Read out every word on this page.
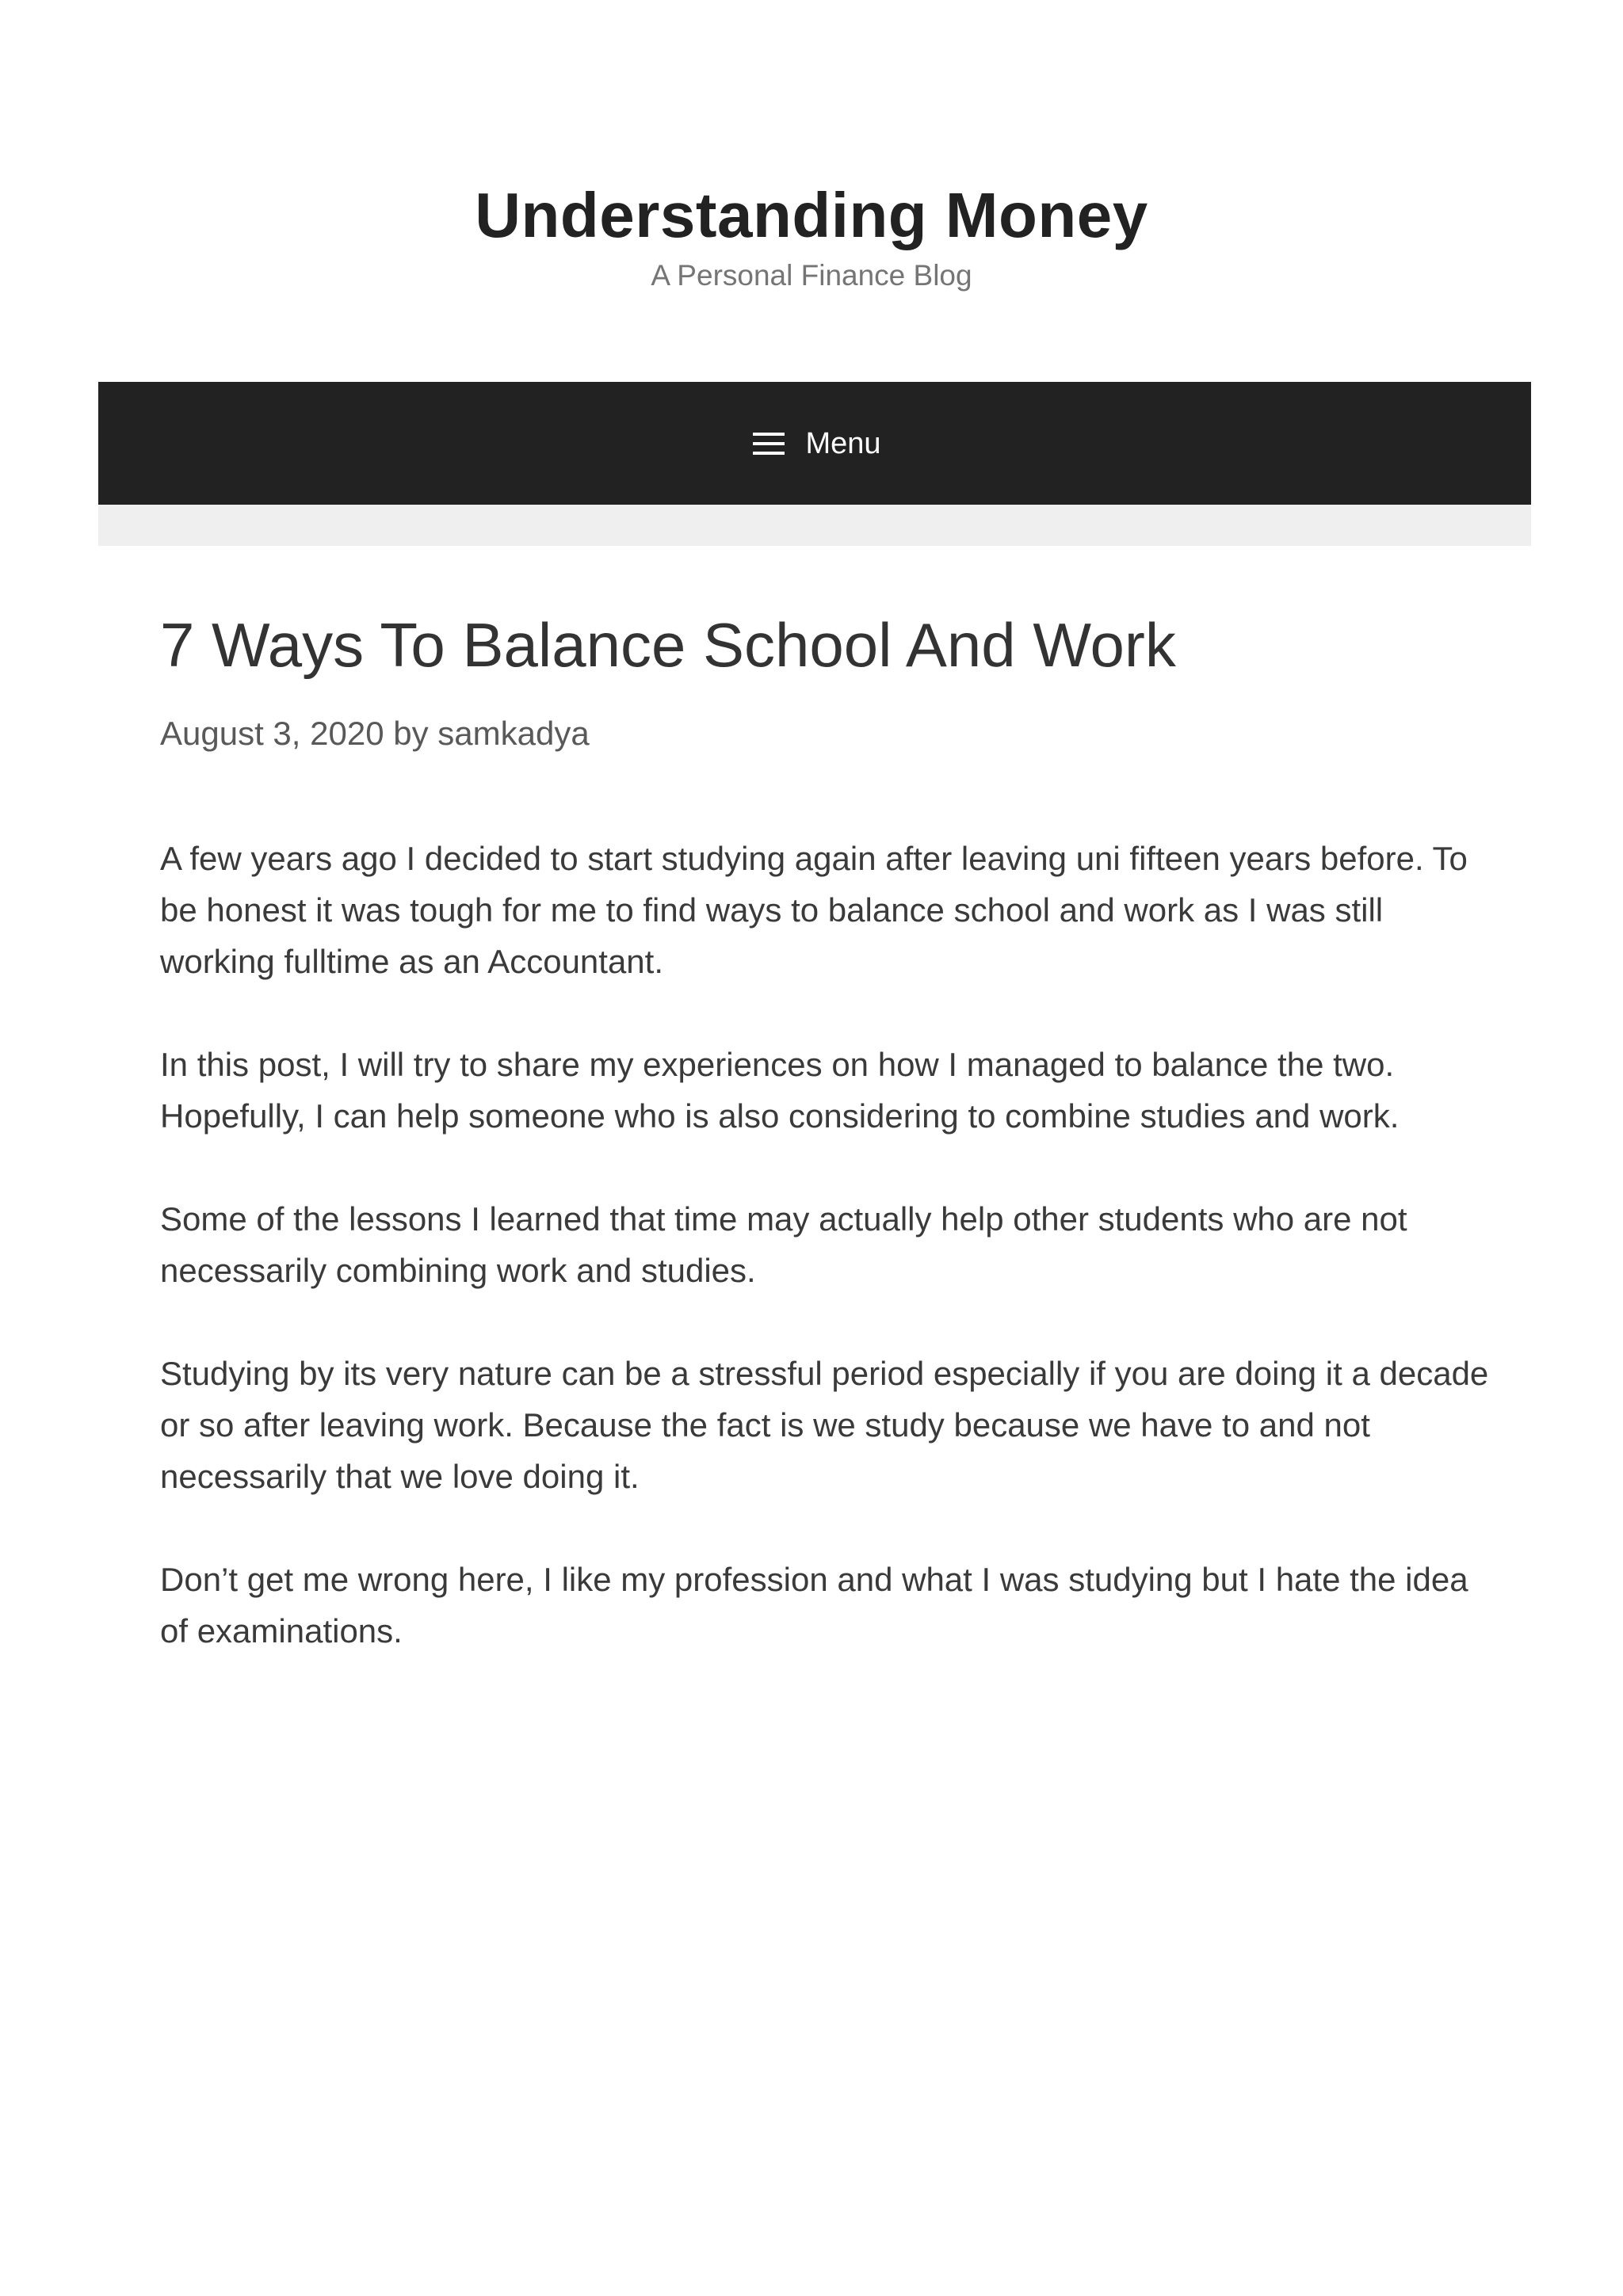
Understanding Money
A Personal Finance Blog
Menu
7 Ways To Balance School And Work
August 3, 2020 by samkadya

A few years ago I decided to start studying again after leaving uni fifteen years before. To be honest it was tough for me to find ways to balance school and work as I was still working fulltime as an Accountant.

In this post, I will try to share my experiences on how I managed to balance the two. Hopefully, I can help someone who is also considering to combine studies and work.

Some of the lessons I learned that time may actually help other students who are not necessarily combining work and studies.

Studying by its very nature can be a stressful period especially if you are doing it a decade or so after leaving work. Because the fact is we study because we have to and not necessarily that we love doing it.

Don’t get me wrong here, I like my profession and what I was studying but I hate the idea of examinations.
